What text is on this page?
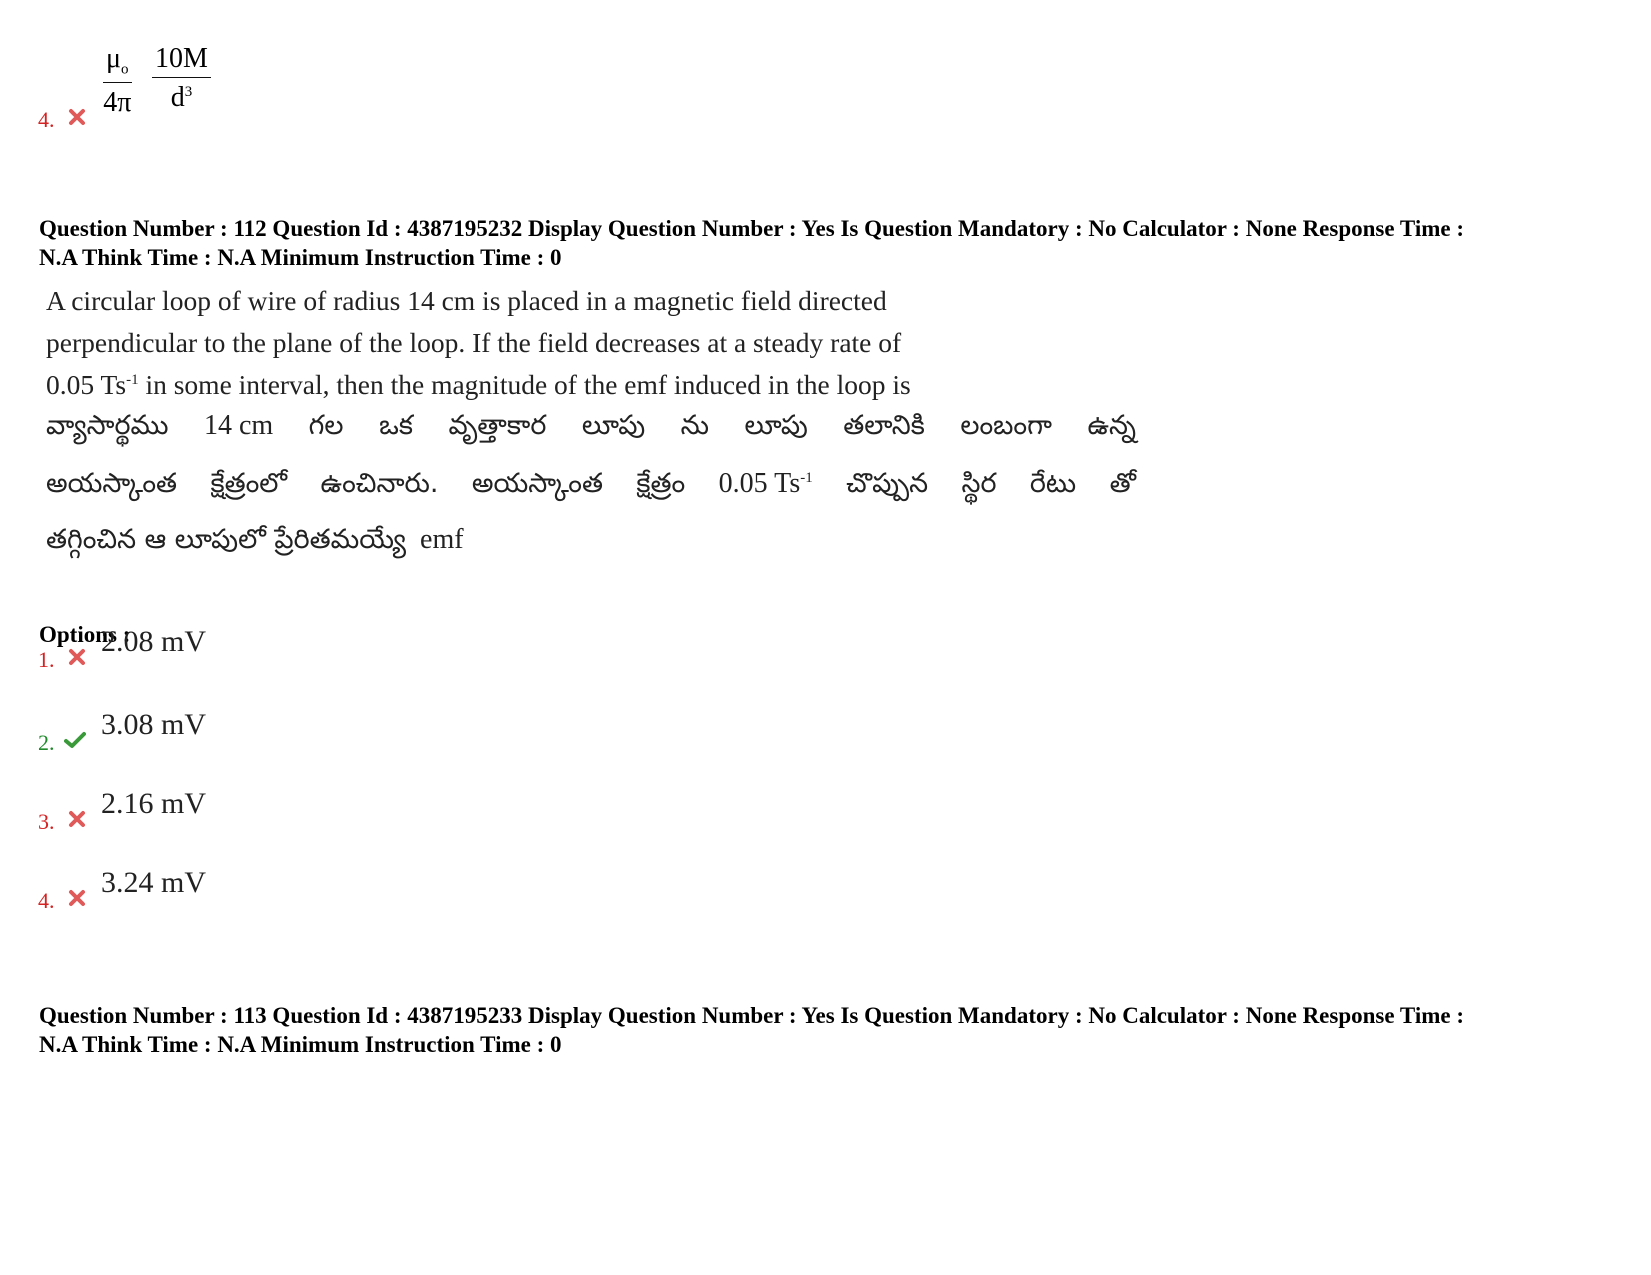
4.
$\frac{\mu_o}{4\pi} \frac{10M}{d^3}$
Question Number : 112 Question Id : 4387195232 Display Question Number : Yes Is Question Mandatory : No Calculator : None Response Time :
N.A Think Time : N.A Minimum Instruction Time : 0
A circular loop of wire of radius 14 cm is placed in a magnetic field directed
perpendicular to the plane of the loop. If the field decreases at a steady rate of
0.05 $Ts^{-1}$ in some interval, then the magnitude of the emf induced in the loop is
వ్యాసార్థము 14 cm గల ఒక వృత్తాకార లూపు ను లూపు తలానికి లంబంగా ఉన్న
అయస్కాంత క్షేత్రంలో ఉంచినారు. అయస్కాంత క్షేత్రం 0.05 $Ts^{-1}$ చొప్పున స్థిర రేటు తో
తగ్గించిన ఆ లూపులో ప్రేరితమయ్యే emf
Options :
1.
2.08 mV
2.
3.08 mV
3.
2.16 mV
4.
3.24 mV
Question Number : 113 Question Id : 4387195233 Display Question Number : Yes Is Question Mandatory : No Calculator : None Response Time :
N.A Think Time : N.A Minimum Instruction Time : 0
